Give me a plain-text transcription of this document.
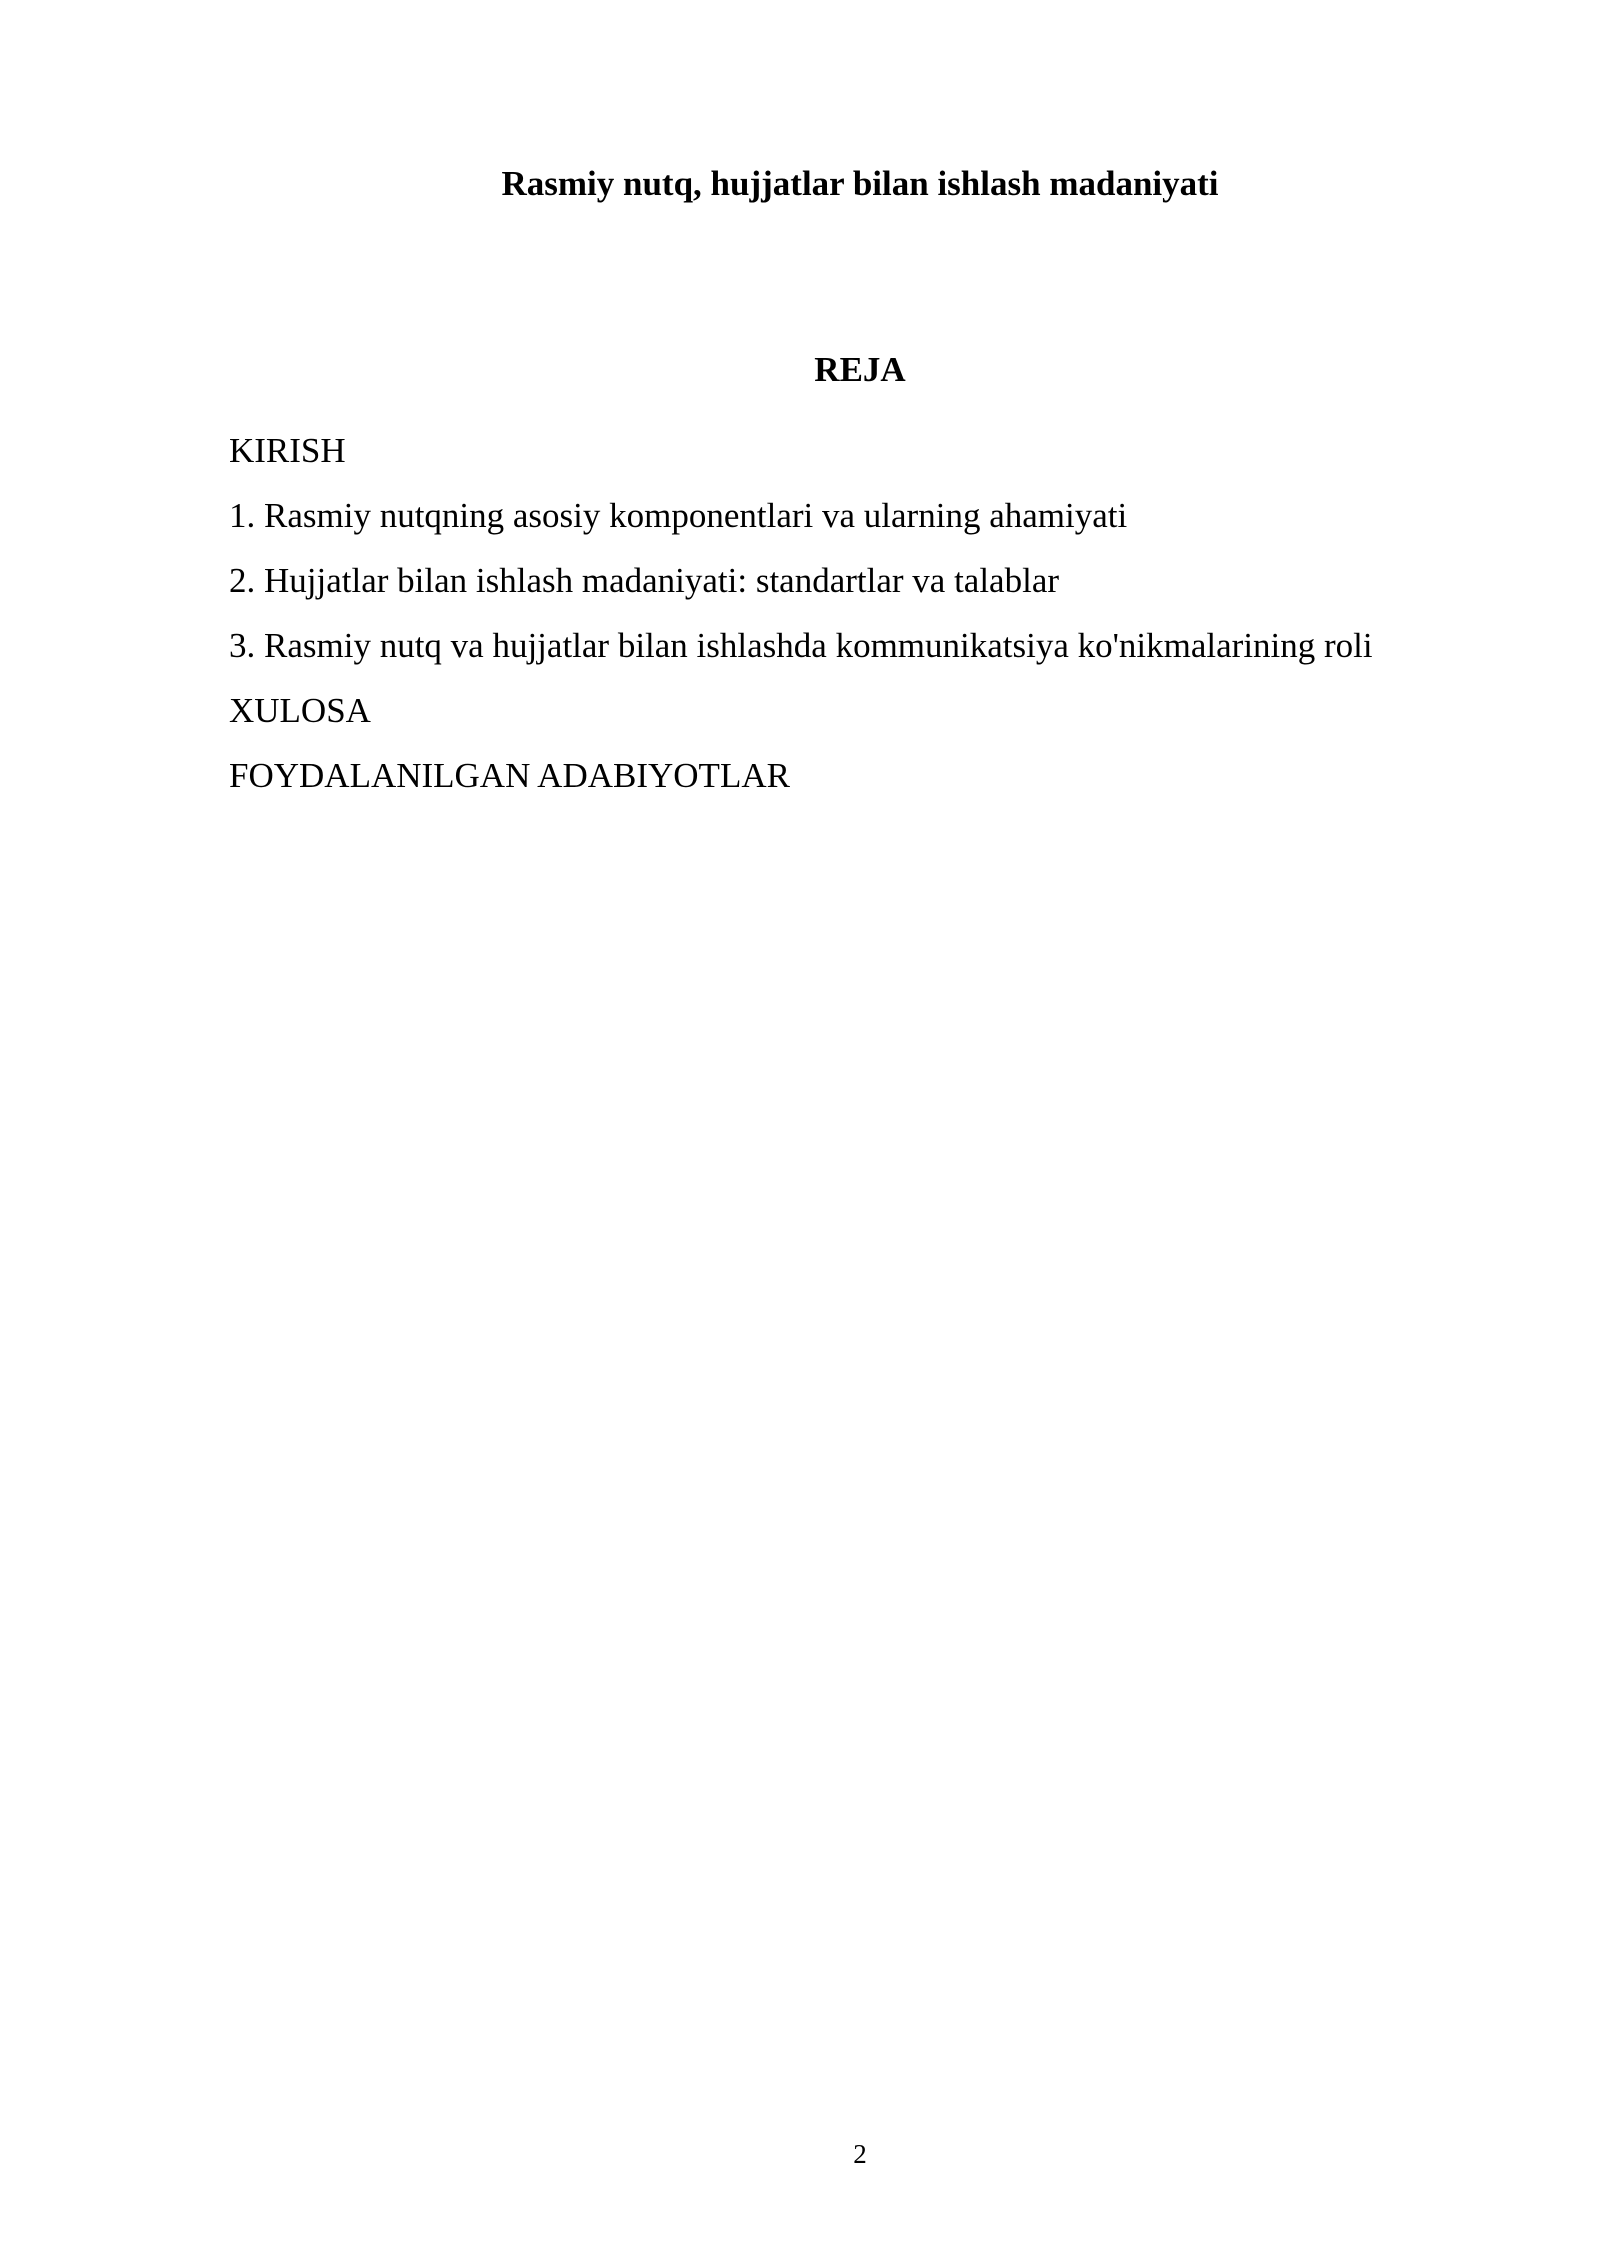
Rasmiy nutq, hujjatlar bilan ishlash madaniyati
REJA
KIRISH
1. Rasmiy nutqning asosiy komponentlari va ularning ahamiyati
2. Hujjatlar bilan ishlash madaniyati: standartlar va talablar
3. Rasmiy nutq va hujjatlar bilan ishlashda kommunikatsiya ko'nikmalarining roli
XULOSA
FOYDALANILGAN ADABIYOTLAR
2
